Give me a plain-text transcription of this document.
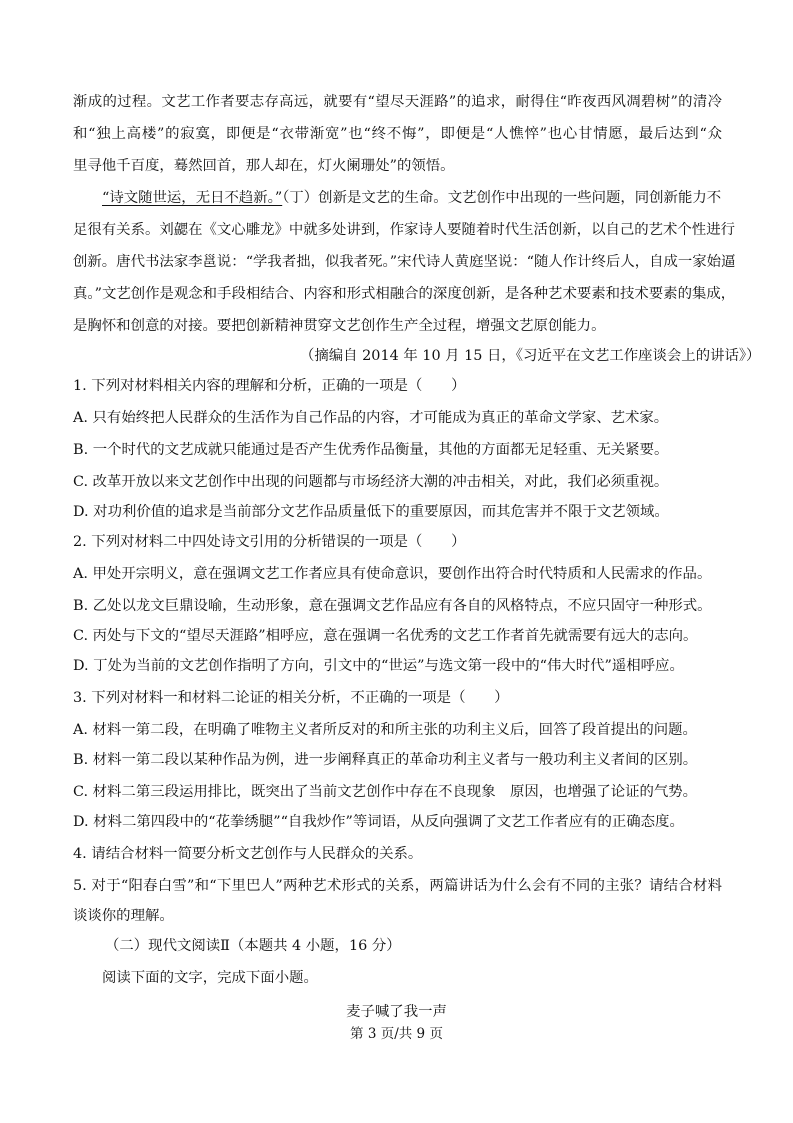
渐成的过程。文艺工作者要志存高远，就要有“望尽天涯路”的追求，耐得住“昨夜西风凋碧树”的清冷
和“独上高楼”的寂寞，即便是“衣带渐宽”也“终不悔”，即便是“人憔悴”也心甘情愿，最后达到“众
里寻他千百度，蓦然回首，那人却在，灯火阑珊处”的领悟。
“诗文随世运，无日不趋新。”（丁）创新是文艺的生命。文艺创作中出现的一些问题，同创新能力不
足很有关系。刘勰在《文心雕龙》中就多处讲到，作家诗人要随着时代生活创新，以自己的艺术个性进行
创新。唐代书法家李邕说：“学我者拙，似我者死。”宋代诗人黄庭坚说：“随人作计终后人，自成一家始逼
真。”文艺创作是观念和手段相结合、内容和形式相融合的深度创新，是各种艺术要素和技术要素的集成，
是胸怀和创意的对接。要把创新精神贯穿文艺创作生产全过程，增强文艺原创能力。
（摘编自 2014 年 10 月 15 日，《习近平在文艺工作座谈会上的讲话》）
1. 下列对材料相关内容的理解和分析，正确的一项是（　　）
A. 只有始终把人民群众的生活作为自己作品的内容，才可能成为真正的革命文学家、艺术家。
B. 一个时代的文艺成就只能通过是否产生优秀作品衡量，其他的方面都无足轻重、无关紧要。
C. 改革开放以来文艺创作中出现的问题都与市场经济大潮的冲击相关，对此，我们必须重视。
D. 对功利价值的追求是当前部分文艺作品质量低下的重要原因，而其危害并不限于文艺领域。
2. 下列对材料二中四处诗文引用的分析错误的一项是（　　）
A. 甲处开宗明义，意在强调文艺工作者应具有使命意识，要创作出符合时代特质和人民需求的作品。
B. 乙处以龙文巨鼎设喻，生动形象，意在强调文艺作品应有各自的风格特点，不应只固守一种形式。
C. 丙处与下文的“望尽天涯路”相呼应，意在强调一名优秀的文艺工作者首先就需要有远大的志向。
D. 丁处为当前的文艺创作指明了方向，引文中的“世运”与选文第一段中的“伟大时代”遥相呼应。
3. 下列对材料一和材料二论证的相关分析，不正确的一项是（　　）
A. 材料一第二段，在明确了唯物主义者所反对的和所主张的功利主义后，回答了段首提出的问题。
B. 材料一第二段以某种作品为例，进一步阐释真正的革命功利主义者与一般功利主义者间的区别。
C. 材料二第三段运用排比，既突出了当前文艺创作中存在不良现象　原因，也增强了论证的气势。
D. 材料二第四段中的“花拳绣腿”“自我炒作”等词语，从反向强调了文艺工作者应有的正确态度。
4. 请结合材料一简要分析文艺创作与人民群众的关系。
5. 对于“阳春白雪”和“下里巴人”两种艺术形式的关系，两篇讲话为什么会有不同的主张？请结合材料
谈谈你的理解。
（二）现代文阅读Ⅱ（本题共 4 小题，16 分）
阅读下面的文字，完成下面小题。
麦子喊了我一声
第 3 页/共 9 页
